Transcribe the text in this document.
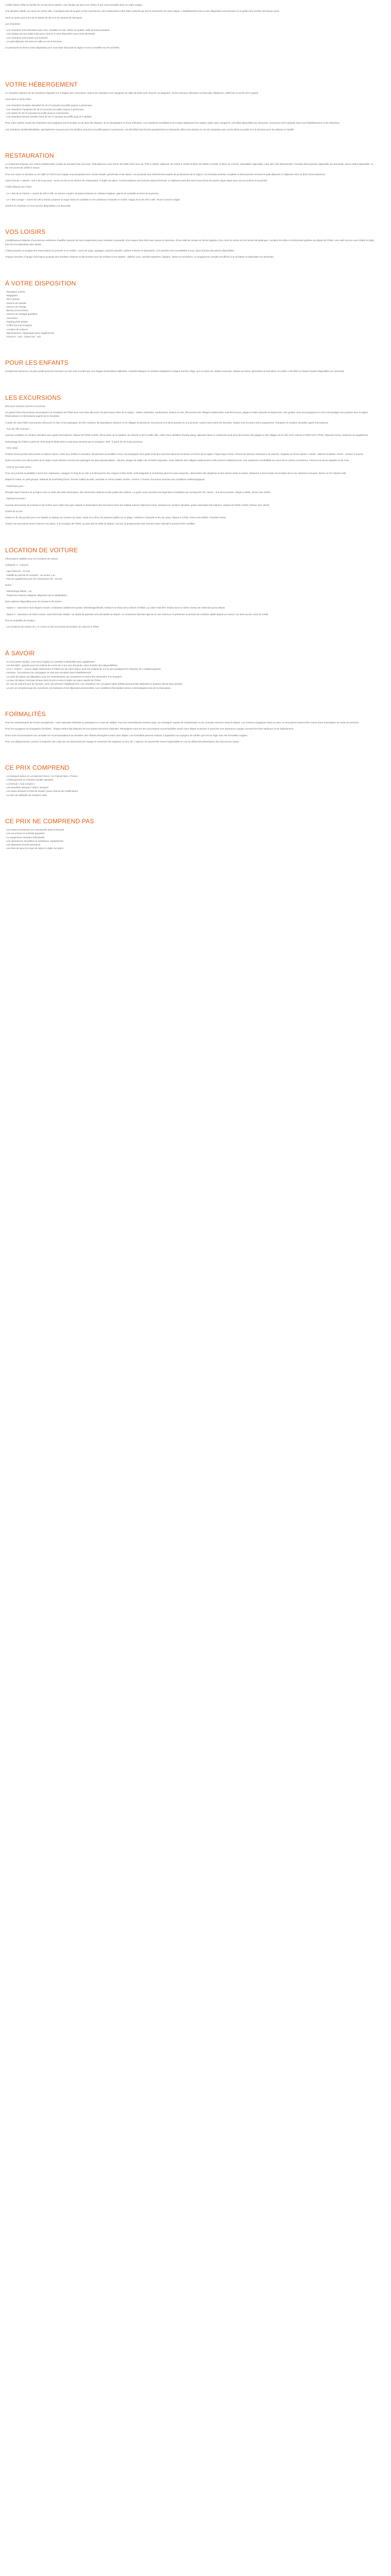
L'hôtel Alexis a fêté en famille les 10 ans de la maison. Une équipe qui aime son métier et qui vous accueille dans un cadre unique.

Une situation idéale, au coeur du centre-ville, à quelques pas de la gare et des commerces, des restaurants et des sites culturels qui font la renommée de notre région. L'établissement met à votre disposition une terrasse et un jardin pour profiter des beaux jours.

Vous ne serez qu'à 5 km de la station de ski et à 15 minutes de l'aéroport.

Les chambres :

- Les chambres sont décorées avec soin, meubles en bois, literie de qualité, salle de bains privative
- Une équipe est aux petits soins pour vous et à votre disposition pour toute demande
- Les chambres sont toutes non-fumeurs
- Le petit-déjeuner est servi en salle ou sur la terrasse

Le personnel se tient à votre disposition pour vous faire découvrir la région et vous conseiller sur les activités.

VOTRE HÉBERGEMENT

Le complexe dispose de 45 chambres réparties sur 3 étages avec ascenseur. Toutes les chambres sont équipées de salle de bains avec douche ou baignoire, sèche-cheveux, télévision à écran plat, téléphone, coffre-fort et accès Wi-Fi gratuit.

Vous avez le choix entre :

- Les chambres Doubles Standard de 20 m² pouvant accueillir jusqu'à 2 personnes.
- Les chambres Familiales de 30 m² pouvant accueillir jusqu'à 4 personnes.
- Les Suites de 40 m² pouvant accueillir jusqu'à 4 personnes.
- Les chambres Deluxe Double (Vue) de 25 m² pouvant accueillir jusqu'à 2 adultes.

Pour votre confort, toutes les chambres sont équipées d'un lit double ou de deux lits séparés, de la climatisation et d'une télévision. Les chambres Familiales et les Suites disposent d'un espace salon avec canapé-lit. Lits bébé disponibles sur demande. Connexion Wi-Fi gratuite dans tout l'établissement et les chambres.

Les chambres doubles/familiales, spécialement conçues pour les familles, peuvent accueillir jusqu'à 4 personnes. Les lits bébé sont fournis gratuitement sur demande. Elles sont situées en rez-de-chaussée avec accès direct au jardin et à la terrasse pour les séjours en famille.

RESTAURATION

Le restaurant propose une cuisine traditionnelle à base de produits frais et locaux. Petit-déjeuner sous forme de buffet varié servi de 7h00 à 10h00. Déjeuner de 12h00 à 14h00 et dîner de 19h00 à 21h30. Cuisine du marché, spécialités régionales, carte des vins sélectionnée. Formule demi-pension disponible sur demande. Menu enfant disponible. Le bar est ouvert de 10h00 à minuit.

Pour vos repas en terrasse ou en salle, le chef et son équipe vous proposent une cuisine simple, généreuse et de saison. Les produits sont sélectionnés auprès de producteurs de la région. Les formules pension complète et demi-pension incluent le petit-déjeuner, le déjeuner et/ou le dîner (hors boissons).

Votre formule « Liberté » (15 à 20 € par jour) : accès au bar et au service de restauration, à régler sur place. Consommations non incluses dans la formule. Le déjeuner peut être servi sous forme de panier pique-nique pour vos excursions à la journée.

L'hôtel dispose de 2 bars :

- Le « Bar de la Piscine » ouvert de 10h à 19h, en service continu, propose boissons et collations légères, glaces et cocktails au bord de la piscine.

- Le « Bar Lounge » ouvert de 18h à minuit, propose un large choix de cocktails et une ambiance musicale en soirée. Happy hour de 18h à 19h. Tenue correcte exigée.

Service en chambre et room service disponibles à la demande.

VOS LOISIRS

L'établissement dispose d'une piscine extérieure chauffée (ouverte de mai à septembre) avec transats et parasols, d'un espace bien-être avec sauna et hammam, d'une salle de remise en forme équipée, d'un court de tennis et d'un terrain de pétanque. Location de vélos et randonnées guidées au départ de l'hôtel. Une salle de jeux avec billard et baby-foot est à la disposition des clients.

L'hôtel propose un programme d'animations en journée et en soirée : cours de yoga, aquagym, tournois sportifs, soirées à thème et spectacles. Les activités sont accessibles à tous, dans la limite des places disponibles.

Chaque semaine, l'équipe d'animation propose des activités créatives et découverte pour les enfants et les adultes : ateliers, jeux, activités sportives, balades, visites et excursions. Le programme complet est affiché à la réception et disponible sur demande.

À VOTRE DISPOSITION
- Réception 24h/24
- Bagagerie
- Wi-Fi gratuit
- Service de navette
- Service de change
- Bureau d'excursions
- Service de ménage quotidien
- Ascenseur
- Parking privé gratuit
- Coffre-fort à la réception
- Location de voitures
- Blanchisserie / repassage (avec supplément)
- Check-in : 14h - Check-out : 12h
POUR LES ENFANTS

Pendant les vacances, les plus petits pourront s'amuser au mini-club encadré par une équipe d'animateurs diplômés. Activités ludiques et créatives adaptées à chaque tranche d'âge, jeux en plein air, ateliers manuels, chasse au trésor, spectacles et mini-disco en soirée. Lits bébé et chaises hautes disponibles sur demande.

LES EXCURSIONS

Découvrir Grande Comore et environs

Un grand choix d'excursions est proposé à la réception de l'hôtel pour vous faire découvrir les plus beaux sites de la région : visites culturelles, randonnées, sorties en mer, découverte des villages traditionnels, marchés locaux, plages et sites naturels exceptionnels. Nos guides vous accompagnent et vous font partager leur passion pour la région. Réservations et informations auprès de la réception.

À partir de votre hôtel vous pouvez découvrir la côte et ses paysages, les îles voisines, les plantations d'épices et les villages de pêcheurs. Excursions à la demi-journée ou à la journée, repas inclus selon les formules. Départ tous les jours selon programme. Transport en minibus climatisé, guide francophone.

- Tour de "l'Île Comore" :

Journée complète en minibus climatisé avec guide francophone. Départ de l'hôtel à 8h00, découverte de la capitale, du marché et de la vieille ville, visite d'une distillerie d'ylang-ylang, déjeuner dans un restaurant local puis découverte des plages et des villages de la côte nord. Retour à l'hôtel vers 17h00. Déjeuner inclus, boissons en supplément.

Ramassage de l'hôtel à partir de 7h45 jusqu'à 9h00 selon le planning transmis par la réception. Tarif : à partir de 45 € par personne.

- Vers relais :

Profitez d'une journée découverte en pleine nature, entre lacs, forêts et cascades. Randonnée accessible à tous, accompagnée d'un guide local qui vous fera découvrir la faune et la flore de la région. Pique-nique inclus. Prévoir de bonnes chaussures de marche, chapeau et crème solaire. Activité : Marche modérée. Durée : environ 6 heures.

Notre excursion à la découverte de la région vous mènera à travers les paysages les plus spectaculaires : volcans, plages de sable noir et forêts tropicales. Vous visiterez des villages traditionnels et découvrirez l'artisanat local. Une expérience inoubliable au coeur de la culture comorienne. Prévoir une tenue adaptée et de l'eau.

- Côte le tour sans peine :

Pour une journée inoubliable à bord d'un catamaran, naviguez le long de la côte à la découverte des criques et des récifs. Arrêt baignade et snorkeling dans les eaux turquoise, observation des dauphins et des tortues selon la saison. Déjeuner à bord à base de produits de la mer. Boissons incluses. Retour en fin d'après-midi.

Départ le matin, en petit groupe. Matériel de snorkeling fourni. Prévoir maillot de bain, serviette et crème solaire. Durée : environ 7 heures. Excursion soumise aux conditions météorologiques.

- Patrimoine pure :

Plongée dans l'histoire de la région avec la visite des sites historiques, des anciennes médinas et des palais des sultans. Le guide vous racontera les légendes et traditions qui ont façonné l'île. Durée : une demi-journée. Départ à 9h00, retour vers 13h00.

- Spécial excursion :

Journée découverte de la faune et de la flore avec visite d'un parc naturel et observation des lémuriens dans leur habitat naturel. Déjeuner inclus, transport en minibus climatisé, guide naturaliste francophone. Départ de l'hôtel à 8h00. Retour vers 16h30.

Soirée de la mer :

Partez en fin de journée pour une balade en bateau au coucher du soleil, suivie d'un dîner de poissons grillés sur la plage. Ambiance musicale et feu de camp. Départ à 17h00, retour vers 22h00. Transfert inclus.

Toutes nos excursions sont à réserver sur place, à la réception de l'hôtel, au plus tard la veille du départ. Les prix et programmes sont donnés à titre indicatif et peuvent être modifiés.

LOCATION DE VOITURE

Informations valables pour les locations de voiture.

Catégorie A - 3 places

- Age minimum : 21 ans
- Validité du permis de conduire : au moins 1 an
- Pas de supplément pour les conducteurs de - 25 ans

Notes :

- Kilométrage illimité : oui
- Toutes les voitures catégorie disposent de la climatisation.

Deux options disponibles pour les locations de voiture :

- Option 1 : assurance tous risques incluse, conducteur additionnel gratuit, kilométrage illimité, livraison et retour de la voiture à l'hôtel. La voiture doit être rendue avec le même niveau de carburant qu'au départ.

- Option 2 : assurance de base incluse, sans franchise réduite. Un dépôt de garantie sera demandé au départ. Le conducteur doit être âgé de 21 ans minimum et présenter un permis de conduire valide depuis au moins 1 an ainsi qu'une carte de crédit.

Prix et modalités de location :

- Les locations de voiture de 1 à 7 jours se font au bureau de location de voitures à l'hôtel.
À SAVOIR
- Si vous partez seul(e), vous serez logé(e) en chambre individuelle avec supplément.
- Les lits bébé : gratuits pour les enfants de moins de 2 ans (sur demande, dans la limite des disponibilités).
- Le lit « enfant » : sera à régler directement à l'hôtel lors de votre séjour, pour les enfants de 2 à 12 ans partageant la chambre de 2 adultes payants.
- Animaux : les animaux de compagnie ne sont pas acceptés dans l'établissement.
- La carte de séjour est obligatoire pour les ressortissants non européens et devra être présentée à la réception.
- La taxe de séjour n'est pas incluse dans le prix et sera à régler sur place auprès de l'hôtel.
- En cas de retard le jour de l'arrivée, merci de prévenir l'établissement. Les chambres non occupées après 20h00 pourront être attribuées à d'autres clients sans préavis.
- Le prix ne comprend pas les excursions, les boissons et les dépenses personnelles. Les conditions d'annulation seront communiquées lors de la réservation.
FORMALITÉS

Pour les ressortissants de l'Union européenne : carte nationale d'identité ou passeport en cours de validité. Pour les ressortissants d'autres pays, se renseigner auprès de l'ambassade ou du consulat concerné avant le départ. Les mineurs voyageant seuls ou avec un seul parent doivent être munis d'une autorisation de sortie de territoire.

Pour les voyageurs accompagnés d'enfants : chaque enfant doit disposer de son propre document d'identité. Renseignez-vous sur les vaccinations recommandées avant votre départ et pensez à souscrire une assurance voyage couvrant les frais médicaux et de rapatriement.

Nous vous recommandons de consulter les recommandations du ministère des Affaires étrangères avant votre départ. Les formalités peuvent évoluer, il appartient au voyageur de vérifier qu'il est en règle avec les formalités exigées.

Pour vos déplacements, pensez à emporter une copie de vos documents de voyage et conservez les originaux en lieu sûr. L'agence ne saurait être tenue responsable en cas de défaut de présentation des documents requis.

CE PRIX COMPREND
- Le transport aérien en vol spécial France / Le Palmier Bleu / France
- L'hébergement en chambre double standard
- La formule « tout compris »
- Les transferts aéroport / hôtel / aéroport
- Les taxes aéroport et frais de dossier (sous réserve de modification)
- La taxe de solidarité de l'aviation civile
CE PRIX NE COMPREND PAS
- Les repas et boissons non mentionnés dans la formule
- Les excursions et activités payantes
- Le supplément chambre individuelle
- Les assurances annulation et assistance rapatriement
- Les dépenses d'ordre personnel
- Les frais de visa et la taxe de séjour à régler sur place
